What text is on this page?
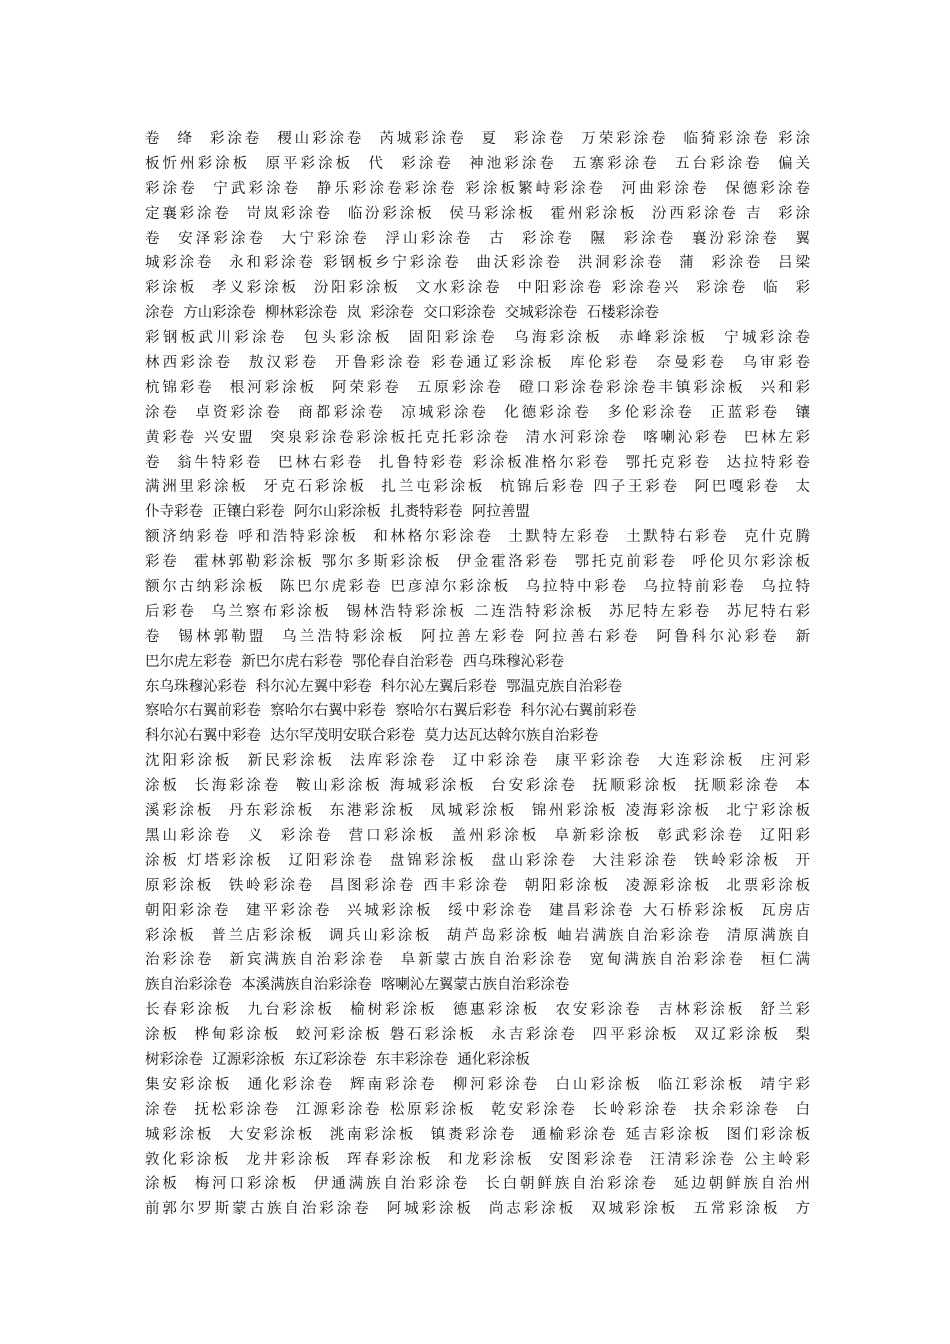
卷  绛  彩涂卷  稷山彩涂卷  芮城彩涂卷  夏  彩涂卷  万荣彩涂卷  临猗彩涂卷 彩涂
板忻州彩涂板  原平彩涂板  代  彩涂卷  神池彩涂卷  五寨彩涂卷  五台彩涂卷  偏关
彩涂卷  宁武彩涂卷  静乐彩涂卷彩涂卷 彩涂板繁峙彩涂卷  河曲彩涂卷  保德彩涂卷
定襄彩涂卷  岢岚彩涂卷  临汾彩涂板  侯马彩涂板  霍州彩涂板  汾西彩涂卷 吉  彩涂
卷  安泽彩涂卷  大宁彩涂卷  浮山彩涂卷  古  彩涂卷  隰  彩涂卷  襄汾彩涂卷  翼
城彩涂卷  永和彩涂卷 彩钢板乡宁彩涂卷  曲沃彩涂卷  洪洞彩涂卷  蒲  彩涂卷  吕梁
彩涂板  孝义彩涂板  汾阳彩涂板  文水彩涂卷  中阳彩涂卷 彩涂卷兴  彩涂卷  临  彩
涂卷  方山彩涂卷  柳林彩涂卷  岚  彩涂卷  交口彩涂卷  交城彩涂卷  石楼彩涂卷
彩钢板武川彩涂卷  包头彩涂板  固阳彩涂卷  乌海彩涂板  赤峰彩涂板  宁城彩涂卷
林西彩涂卷  敖汉彩卷  开鲁彩涂卷 彩卷通辽彩涂板  库伦彩卷  奈曼彩卷  乌审彩卷
杭锦彩卷  根河彩涂板  阿荣彩卷  五原彩涂卷  磴口彩涂卷彩涂卷丰镇彩涂板  兴和彩
涂卷  卓资彩涂卷  商都彩涂卷  凉城彩涂卷  化德彩涂卷  多伦彩涂卷  正蓝彩卷  镶
黄彩卷 兴安盟  突泉彩涂卷彩涂板托克托彩涂卷  清水河彩涂卷  喀喇沁彩卷  巴林左彩
卷  翁牛特彩卷  巴林右彩卷  扎鲁特彩卷 彩涂板准格尔彩卷  鄂托克彩卷  达拉特彩卷
满洲里彩涂板  牙克石彩涂板  扎兰屯彩涂板  杭锦后彩卷 四子王彩卷  阿巴嘎彩卷  太
仆寺彩卷  正镶白彩卷  阿尔山彩涂板  扎赉特彩卷  阿拉善盟
额济纳彩卷 呼和浩特彩涂板  和林格尔彩涂卷  土默特左彩卷  土默特右彩卷  克什克腾
彩卷  霍林郭勒彩涂板 鄂尔多斯彩涂板  伊金霍洛彩卷  鄂托克前彩卷  呼伦贝尔彩涂板
额尔古纳彩涂板  陈巴尔虎彩卷 巴彦淖尔彩涂板  乌拉特中彩卷  乌拉特前彩卷  乌拉特
后彩卷  乌兰察布彩涂板  锡林浩特彩涂板 二连浩特彩涂板  苏尼特左彩卷  苏尼特右彩
卷  锡林郭勒盟  乌兰浩特彩涂板  阿拉善左彩卷 阿拉善右彩卷  阿鲁科尔沁彩卷  新
巴尔虎左彩卷  新巴尔虎右彩卷  鄂伦春自治彩卷  西乌珠穆沁彩卷
东乌珠穆沁彩卷  科尔沁左翼中彩卷  科尔沁左翼后彩卷  鄂温克族自治彩卷
察哈尔右翼前彩卷  察哈尔右翼中彩卷  察哈尔右翼后彩卷  科尔沁右翼前彩卷
科尔沁右翼中彩卷  达尔罕茂明安联合彩卷  莫力达瓦达斡尔族自治彩卷
沈阳彩涂板  新民彩涂板  法库彩涂卷  辽中彩涂卷  康平彩涂卷  大连彩涂板  庄河彩
涂板  长海彩涂卷  鞍山彩涂板 海城彩涂板  台安彩涂卷  抚顺彩涂板  抚顺彩涂卷  本
溪彩涂板  丹东彩涂板  东港彩涂板  凤城彩涂板  锦州彩涂板 凌海彩涂板  北宁彩涂板
黑山彩涂卷  义  彩涂卷  营口彩涂板  盖州彩涂板  阜新彩涂板  彰武彩涂卷  辽阳彩
涂板 灯塔彩涂板  辽阳彩涂卷  盘锦彩涂板  盘山彩涂卷  大洼彩涂卷  铁岭彩涂板  开
原彩涂板  铁岭彩涂卷  昌图彩涂卷 西丰彩涂卷  朝阳彩涂板  凌源彩涂板  北票彩涂板
朝阳彩涂卷  建平彩涂卷  兴城彩涂板  绥中彩涂卷  建昌彩涂卷 大石桥彩涂板  瓦房店
彩涂板  普兰店彩涂板  调兵山彩涂板  葫芦岛彩涂板 岫岩满族自治彩涂卷  清原满族自
治彩涂卷  新宾满族自治彩涂卷  阜新蒙古族自治彩涂卷  宽甸满族自治彩涂卷  桓仁满
族自治彩涂卷  本溪满族自治彩涂卷  喀喇沁左翼蒙古族自治彩涂卷
长春彩涂板  九台彩涂板  榆树彩涂板  德惠彩涂板  农安彩涂卷  吉林彩涂板  舒兰彩
涂板  桦甸彩涂板  蛟河彩涂板 磐石彩涂板  永吉彩涂卷  四平彩涂板  双辽彩涂板  梨
树彩涂卷  辽源彩涂板  东辽彩涂卷  东丰彩涂卷  通化彩涂板
集安彩涂板  通化彩涂卷  辉南彩涂卷  柳河彩涂卷  白山彩涂板  临江彩涂板  靖宇彩
涂卷  抚松彩涂卷  江源彩涂卷 松原彩涂板  乾安彩涂卷  长岭彩涂卷  扶余彩涂卷  白
城彩涂板  大安彩涂板  洮南彩涂板  镇赉彩涂卷  通榆彩涂卷 延吉彩涂板  图们彩涂板
敦化彩涂板  龙井彩涂板  珲春彩涂板  和龙彩涂板  安图彩涂卷  汪清彩涂卷 公主岭彩
涂板  梅河口彩涂板  伊通满族自治彩涂卷  长白朝鲜族自治彩涂卷  延边朝鲜族自治州
前郭尔罗斯蒙古族自治彩涂卷  阿城彩涂板  尚志彩涂板  双城彩涂板  五常彩涂板  方
